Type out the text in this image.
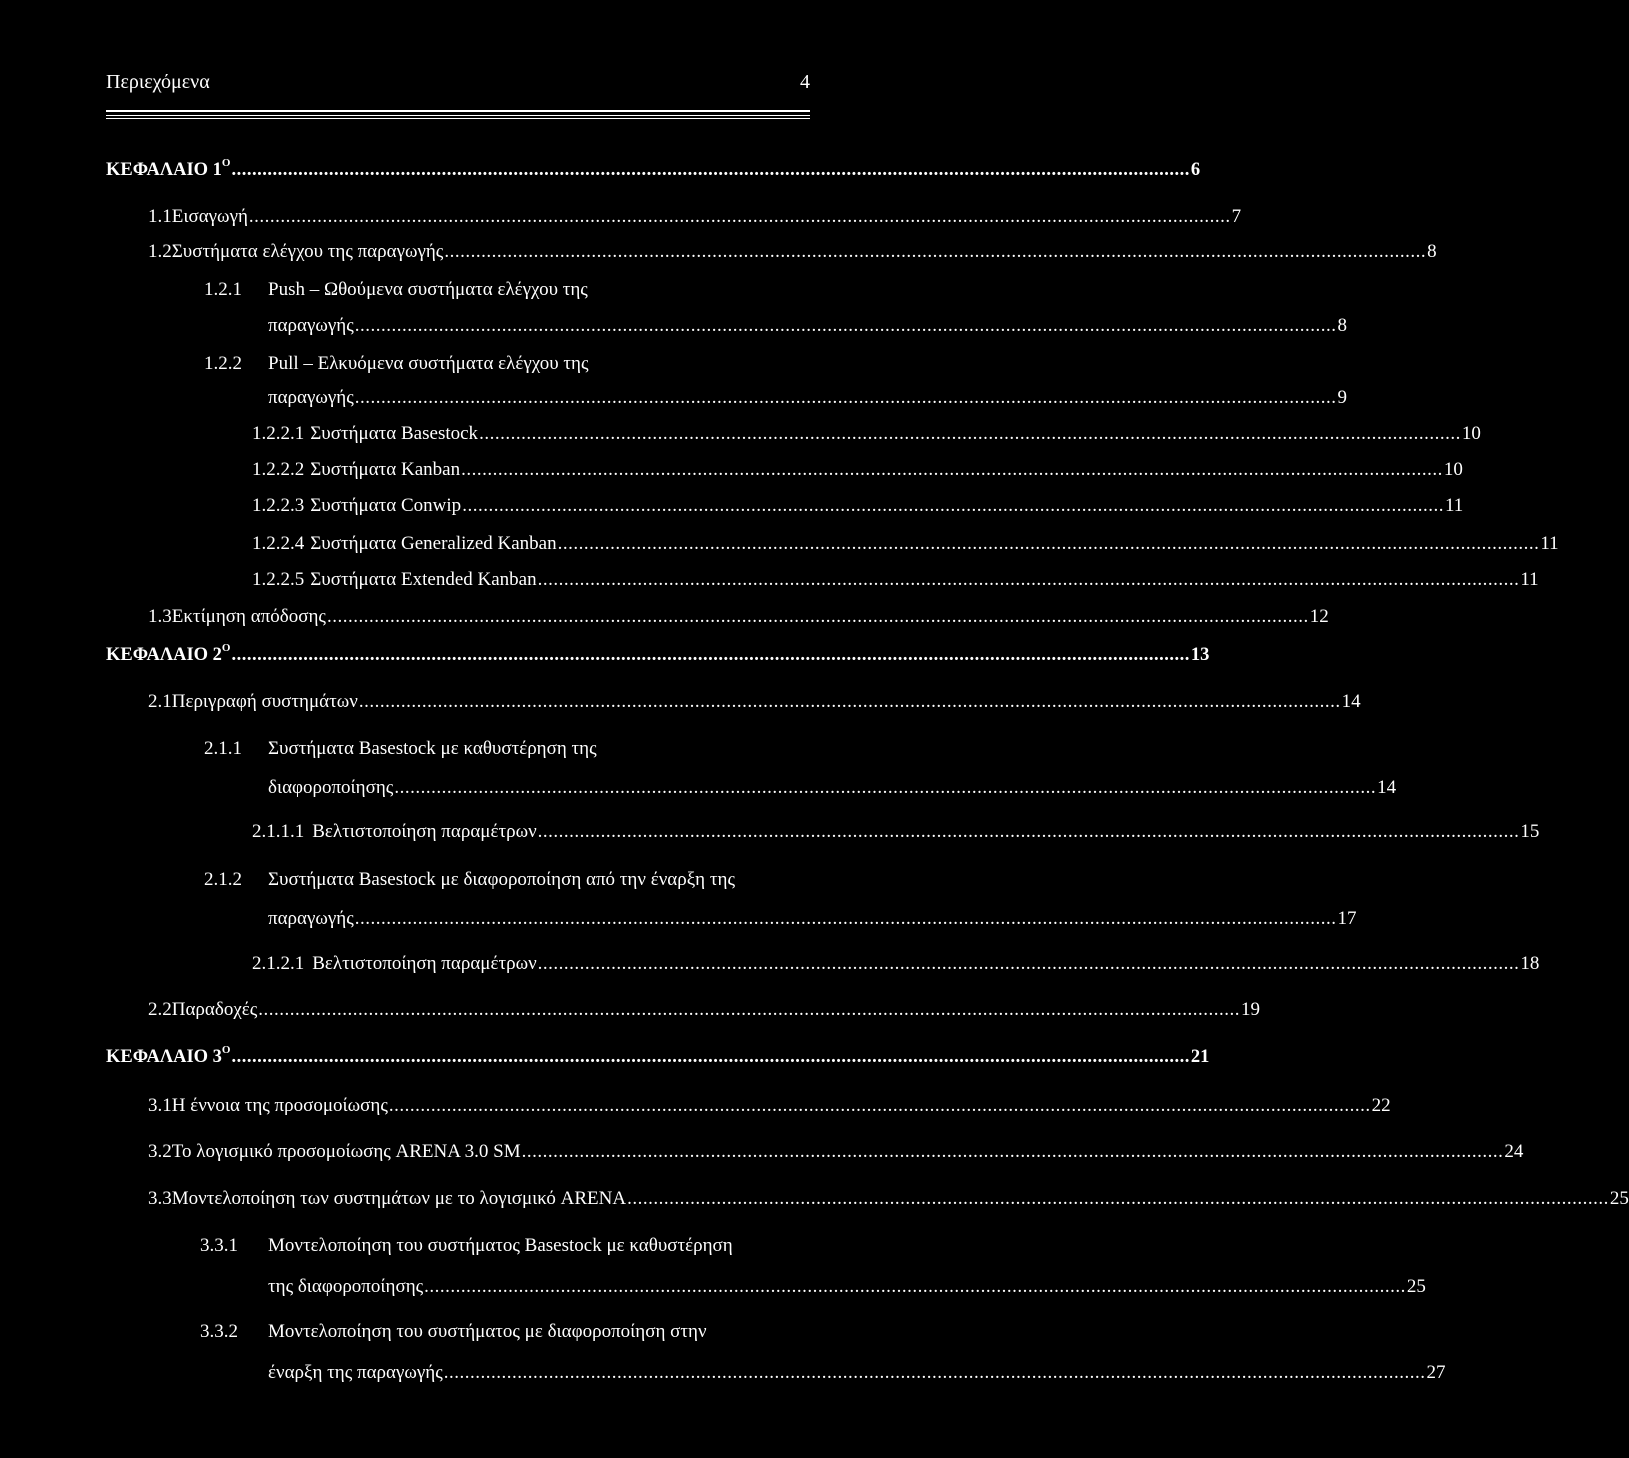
Περιεχόμενα	4
ΚΕΦΑΛΑΙΟ $1^O$ ........................................................................................................................................................................................... 6
1.1 Εισαγωγή ........................................................................................................................................................................................... 7
1.2 Συστήματα ελέγχου της παραγωγής ........................................................................................................................................................................................... 8
1.2.1	Push – Ωθούμενα συστήματα ελέγχου της
παραγωγής ........................................................................................................................................................................................... 8
1.2.2	Pull – Ελκυόμενα συστήματα ελέγχου της
παραγωγής ........................................................................................................................................................................................... 9
1.2.2.1 Συστήματα Basestock ........................................................................................................................................................................................... 10
1.2.2.2 Συστήματα Kanban ........................................................................................................................................................................................... 10
1.2.2.3 Συστήματα Conwip ........................................................................................................................................................................................... 11
1.2.2.4 Συστήματα Generalized Kanban ........................................................................................................................................................................................... 11
1.2.2.5 Συστήματα Extended Kanban ........................................................................................................................................................................................... 11
1.3 Εκτίμηση απόδοσης ........................................................................................................................................................................................... 12
ΚΕΦΑΛΑΙΟ $2^O$ ........................................................................................................................................................................................... 13
2.1 Περιγραφή συστημάτων ........................................................................................................................................................................................... 14
2.1.1	Συστήματα Basestock με καθυστέρηση της
διαφοροποίησης ........................................................................................................................................................................................... 14
2.1.1.1 Βελτιστοποίηση παραμέτρων ........................................................................................................................................................................................... 15
2.1.2	Συστήματα Basestock με διαφοροποίηση από την έναρξη της
παραγωγής ........................................................................................................................................................................................... 17
2.1.2.1 Βελτιστοποίηση παραμέτρων ........................................................................................................................................................................................... 18
2.2 Παραδοχές ........................................................................................................................................................................................... 19
ΚΕΦΑΛΑΙΟ $3^O$ ........................................................................................................................................................................................... 21
3.1 Η έννοια της προσομοίωσης ........................................................................................................................................................................................... 22
3.2 Το λογισμικό προσομοίωσης ARENA 3.0 SM ........................................................................................................................................................................................... 24
3.3 Μοντελοποίηση των συστημάτων με το λογισμικό ARENA ........................................................................................................................................................................................... 25
3.3.1	Μοντελοποίηση του συστήματος Basestock με καθυστέρηση
της διαφοροποίησης ........................................................................................................................................................................................... 25
3.3.2	Μοντελοποίηση του συστήματος με διαφοροποίηση στην
έναρξη της παραγωγής ........................................................................................................................................................................................... 27
